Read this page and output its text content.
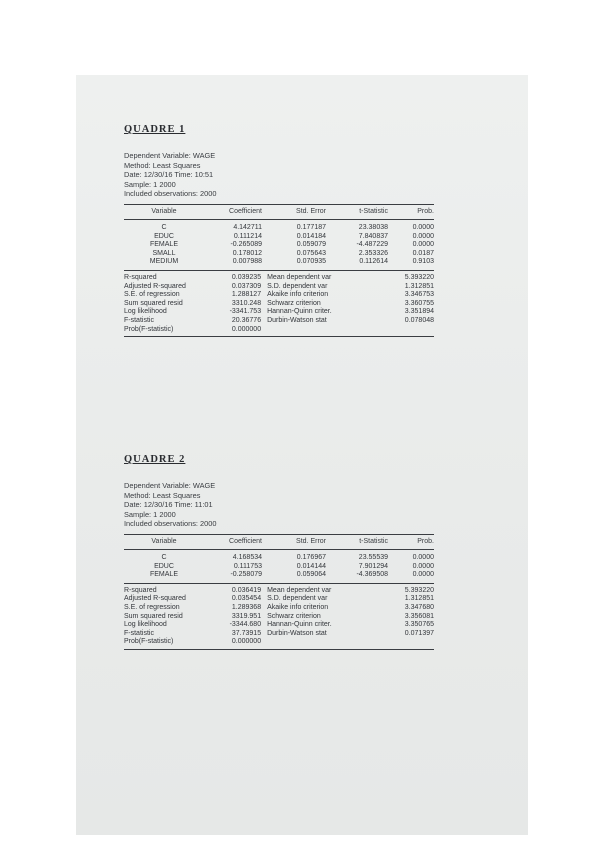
QUADRE 1
Dependent Variable: WAGE
Method: Least Squares
Date: 12/30/16 Time: 10:51
Sample: 1 2000
Included observations: 2000
Variable	Coefficient	Std. Error	t-Statistic	Prob.
C	4.142711	0.177187	23.38038	0.0000
EDUC	0.111214	0.014184	7.840837	0.0000
FEMALE	-0.265089	0.059079	-4.487229	0.0000
SMALL	0.178012	0.075643	2.353326	0.0187
MEDIUM	0.007988	0.070935	0.112614	0.9103
R-squared	0.039235 Mean dependent var	5.393220
Adjusted R-squared	0.037309 S.D. dependent var	1.312851
S.E. of regression	1.288127 Akaike info criterion	3.346753
Sum squared resid	3310.248 Schwarz criterion	3.360755
Log likelihood	-3341.753 Hannan-Quinn criter.	3.351894
F-statistic	20.36776 Durbin-Watson stat	0.078048
Prob(F-statistic)	0.000000
QUADRE 2
Dependent Variable: WAGE
Method: Least Squares
Date: 12/30/16 Time: 11:01
Sample: 1 2000
Included observations: 2000
Variable	Coefficient	Std. Error	t-Statistic	Prob.
C	4.168534	0.176967	23.55539	0.0000
EDUC	0.111753	0.014144	7.901294	0.0000
FEMALE	-0.258079	0.059064	-4.369508	0.0000
R-squared	0.036419 Mean dependent var	5.393220
Adjusted R-squared	0.035454 S.D. dependent var	1.312851
S.E. of regression	1.289368 Akaike info criterion	3.347680
Sum squared resid	3319.951 Schwarz criterion	3.356081
Log likelihood	-3344.680 Hannan-Quinn criter.	3.350765
F-statistic	37.73915 Durbin-Watson stat	0.071397
Prob(F-statistic)	0.000000
